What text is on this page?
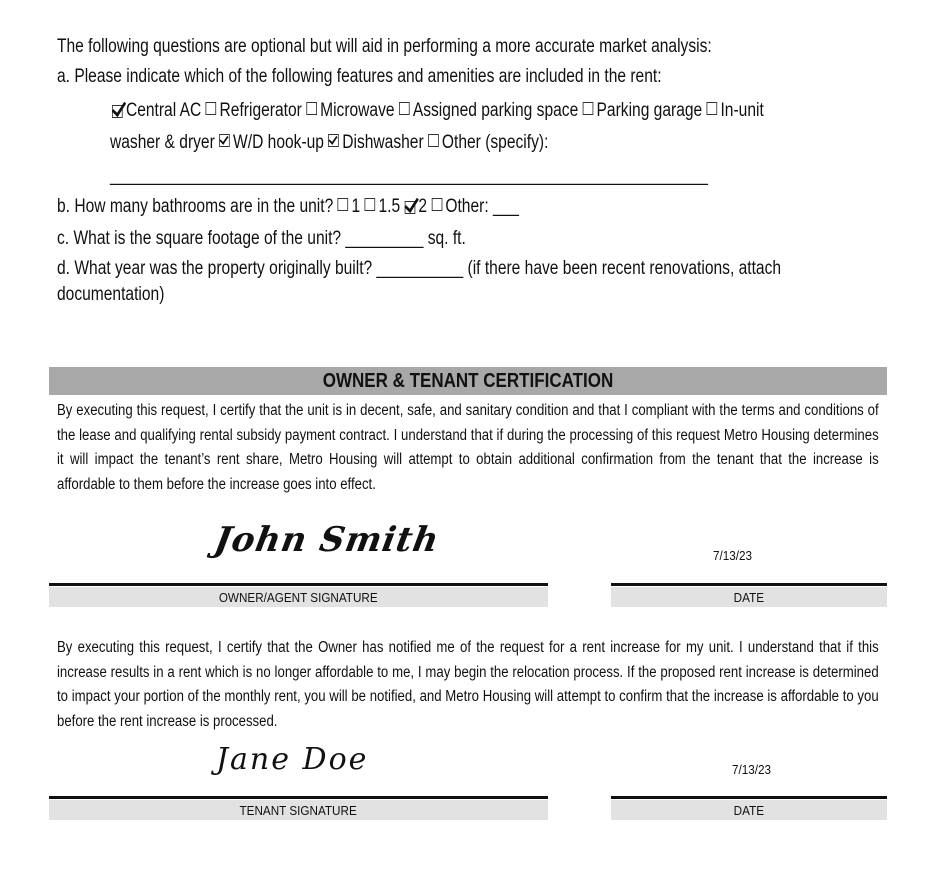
The following questions are optional but will aid in performing a more accurate market analysis:
a. Please indicate which of the following features and amenities are included in the rent:
Central AC Refrigerator Microwave Assigned parking space Parking garage In-unit
washer & dryer W/D hook-up Dishwasher Other (specify):
_____________________________________________________________________
b. How many bathrooms are in the unit? 1 1.5 2 Other: ___
c. What is the square footage of the unit? _________ sq. ft.
d. What year was the property originally built? __________ (if there have been recent renovations, attach
documentation)
OWNER & TENANT CERTIFICATION
By executing this request, I certify that the unit is in decent, safe, and sanitary condition and that I compliant with the terms and conditions of the lease and qualifying rental subsidy payment contract. I understand that if during the processing of this request Metro Housing determines it will impact the tenant’s rent share, Metro Housing will attempt to obtain additional confirmation from the tenant that the increase is affordable to them before the increase goes into effect.
John Smith	7/13/23
OWNER/AGENT SIGNATURE	DATE
By executing this request, I certify that the Owner has notified me of the request for a rent increase for my unit. I understand that if this increase results in a rent which is no longer affordable to me, I may begin the relocation process. If the proposed rent increase is determined to impact your portion of the monthly rent, you will be notified, and Metro Housing will attempt to confirm that the increase is affordable to you before the rent increase is processed.
Jane Doe	7/13/23
TENANT SIGNATURE	DATE
